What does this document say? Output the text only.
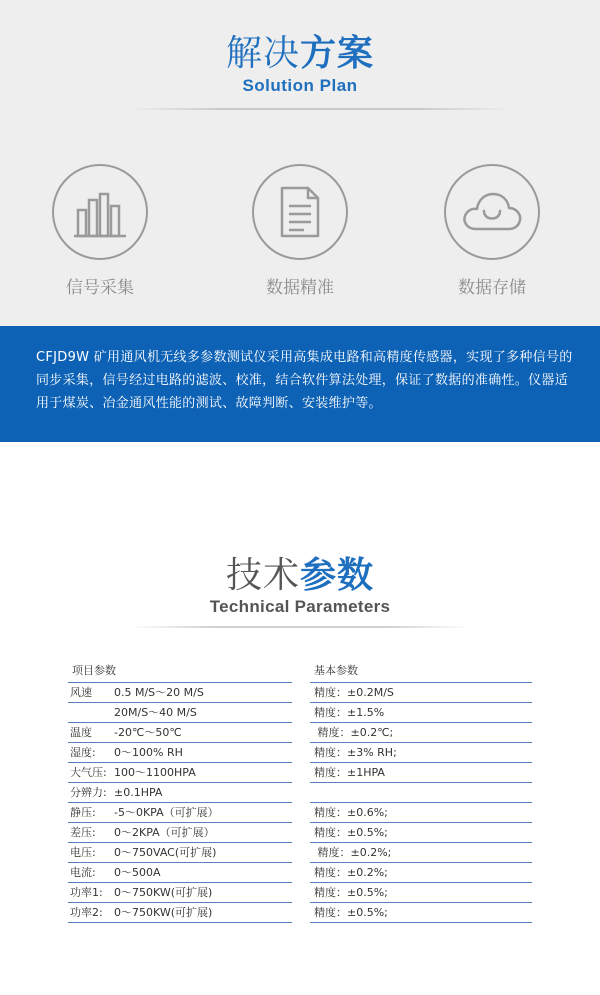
解决方案
Solution Plan
信号采集	数据精准	数据存储
CFJD9W 矿用通风机无线多参数测试仪采用高集成电路和高精度传感器，实现了多种信号的
同步采集，信号经过电路的滤波、校准，结合软件算法处理，保证了数据的准确性。仪器适
用于煤炭、冶金通风性能的测试、故障判断、安装维护等。
技术参数
Technical Parameters
项目参数
风速 0.5 M/S～20 M/S
20M/S～40 M/S
温度 -20℃～50℃
湿度: 0～100% RH
大气压: 100～1100HPA
分辨力: ±0.1HPA
静压: -5～0KPA（可扩展）
差压: 0～2KPA（可扩展）
电压: 0～750VAC(可扩展)
电流: 0～500A
功率1: 0～750KW(可扩展)
功率2: 0～750KW(可扩展)
基本参数
精度：±0.2M/S
精度：±1.5%
精度：±0.2℃;
精度：±3% RH;
精度：±1HPA
精度：±0.6%;
精度：±0.5%;
精度：±0.2%;
精度：±0.2%;
精度：±0.5%;
精度：±0.5%;
